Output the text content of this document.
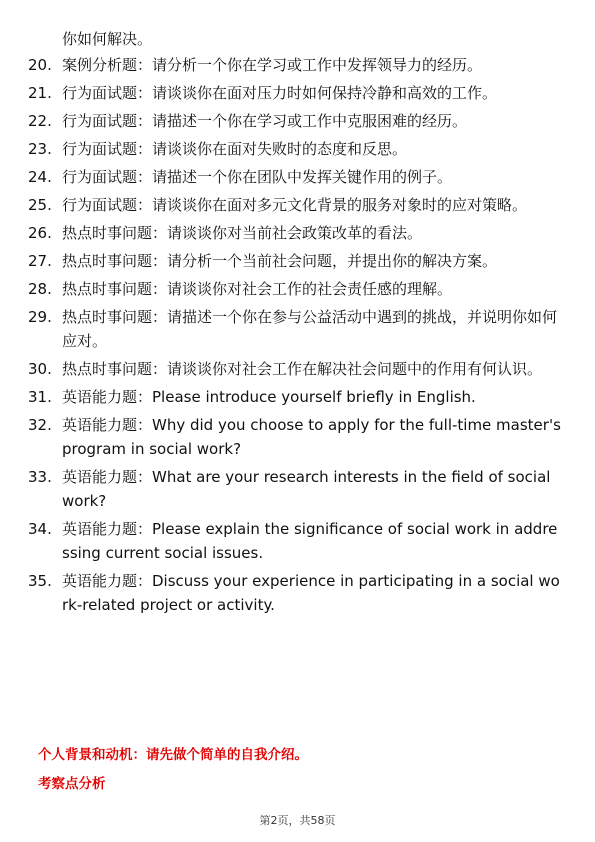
你如何解决。
20. 案例分析题：请分析一个你在学习或工作中发挥领导力的经历。
21. 行为面试题：请谈谈你在面对压力时如何保持冷静和高效的工作。
22. 行为面试题：请描述一个你在学习或工作中克服困难的经历。
23. 行为面试题：请谈谈你在面对失败时的态度和反思。
24. 行为面试题：请描述一个你在团队中发挥关键作用的例子。
25. 行为面试题：请谈谈你在面对多元文化背景的服务对象时的应对策略。
26. 热点时事问题：请谈谈你对当前社会政策改革的看法。
27. 热点时事问题：请分析一个当前社会问题，并提出你的解决方案。
28. 热点时事问题：请谈谈你对社会工作的社会责任感的理解。
29. 热点时事问题：请描述一个你在参与公益活动中遇到的挑战，并说明你如何应对。
30. 热点时事问题：请谈谈你对社会工作在解决社会问题中的作用有何认识。
31. 英语能力题：Please introduce yourself briefly in English.
32. 英语能力题：Why did you choose to apply for the full-time master's program in social work?
33. 英语能力题：What are your research interests in the field of social work?
34. 英语能力题：Please explain the significance of social work in addressing current social issues.
35. 英语能力题：Discuss your experience in participating in a social work-related project or activity.
个人背景和动机：请先做个简单的自我介绍。
考察点分析
第2页，共58页
